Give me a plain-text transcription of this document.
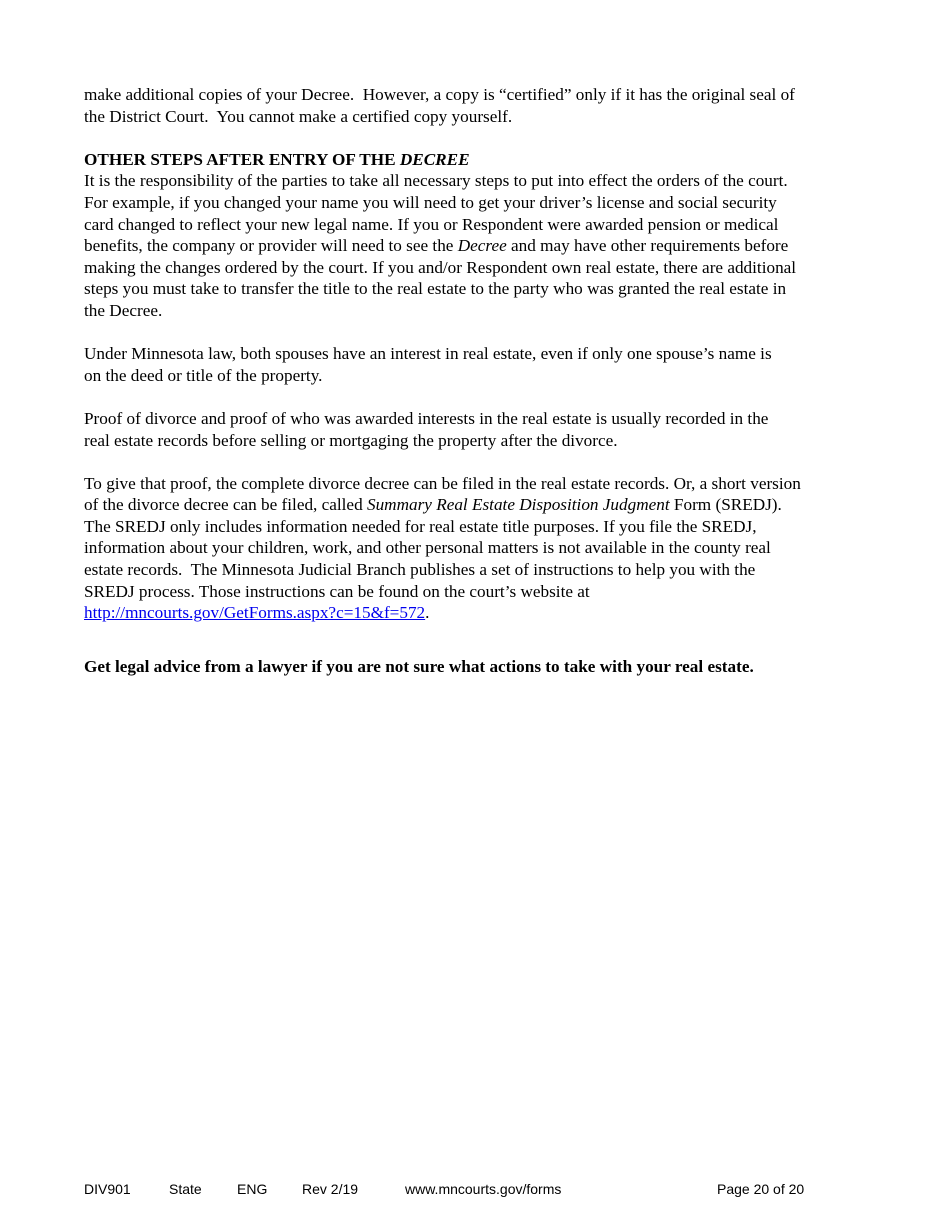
make additional copies of your Decree.  However, a copy is “certified” only if it has the original seal of
the District Court.  You cannot make a certified copy yourself.
OTHER STEPS AFTER ENTRY OF THE DECREE
It is the responsibility of the parties to take all necessary steps to put into effect the orders of the court.
For example, if you changed your name you will need to get your driver’s license and social security
card changed to reflect your new legal name. If you or Respondent were awarded pension or medical
benefits, the company or provider will need to see the Decree and may have other requirements before
making the changes ordered by the court. If you and/or Respondent own real estate, there are additional
steps you must take to transfer the title to the real estate to the party who was granted the real estate in
the Decree.
Under Minnesota law, both spouses have an interest in real estate, even if only one spouse’s name is
on the deed or title of the property.
Proof of divorce and proof of who was awarded interests in the real estate is usually recorded in the
real estate records before selling or mortgaging the property after the divorce.
To give that proof, the complete divorce decree can be filed in the real estate records. Or, a short version
of the divorce decree can be filed, called Summary Real Estate Disposition Judgment Form (SREDJ).
The SREDJ only includes information needed for real estate title purposes. If you file the SREDJ,
information about your children, work, and other personal matters is not available in the county real
estate records.  The Minnesota Judicial Branch publishes a set of instructions to help you with the
SREDJ process. Those instructions can be found on the court’s website at
http://mncourts.gov/GetForms.aspx?c=15&f=572.
Get legal advice from a lawyer if you are not sure what actions to take with your real estate.
DIV901	State	ENG Rev 2/19	www.mncourts.gov/forms	Page 20 of 20
